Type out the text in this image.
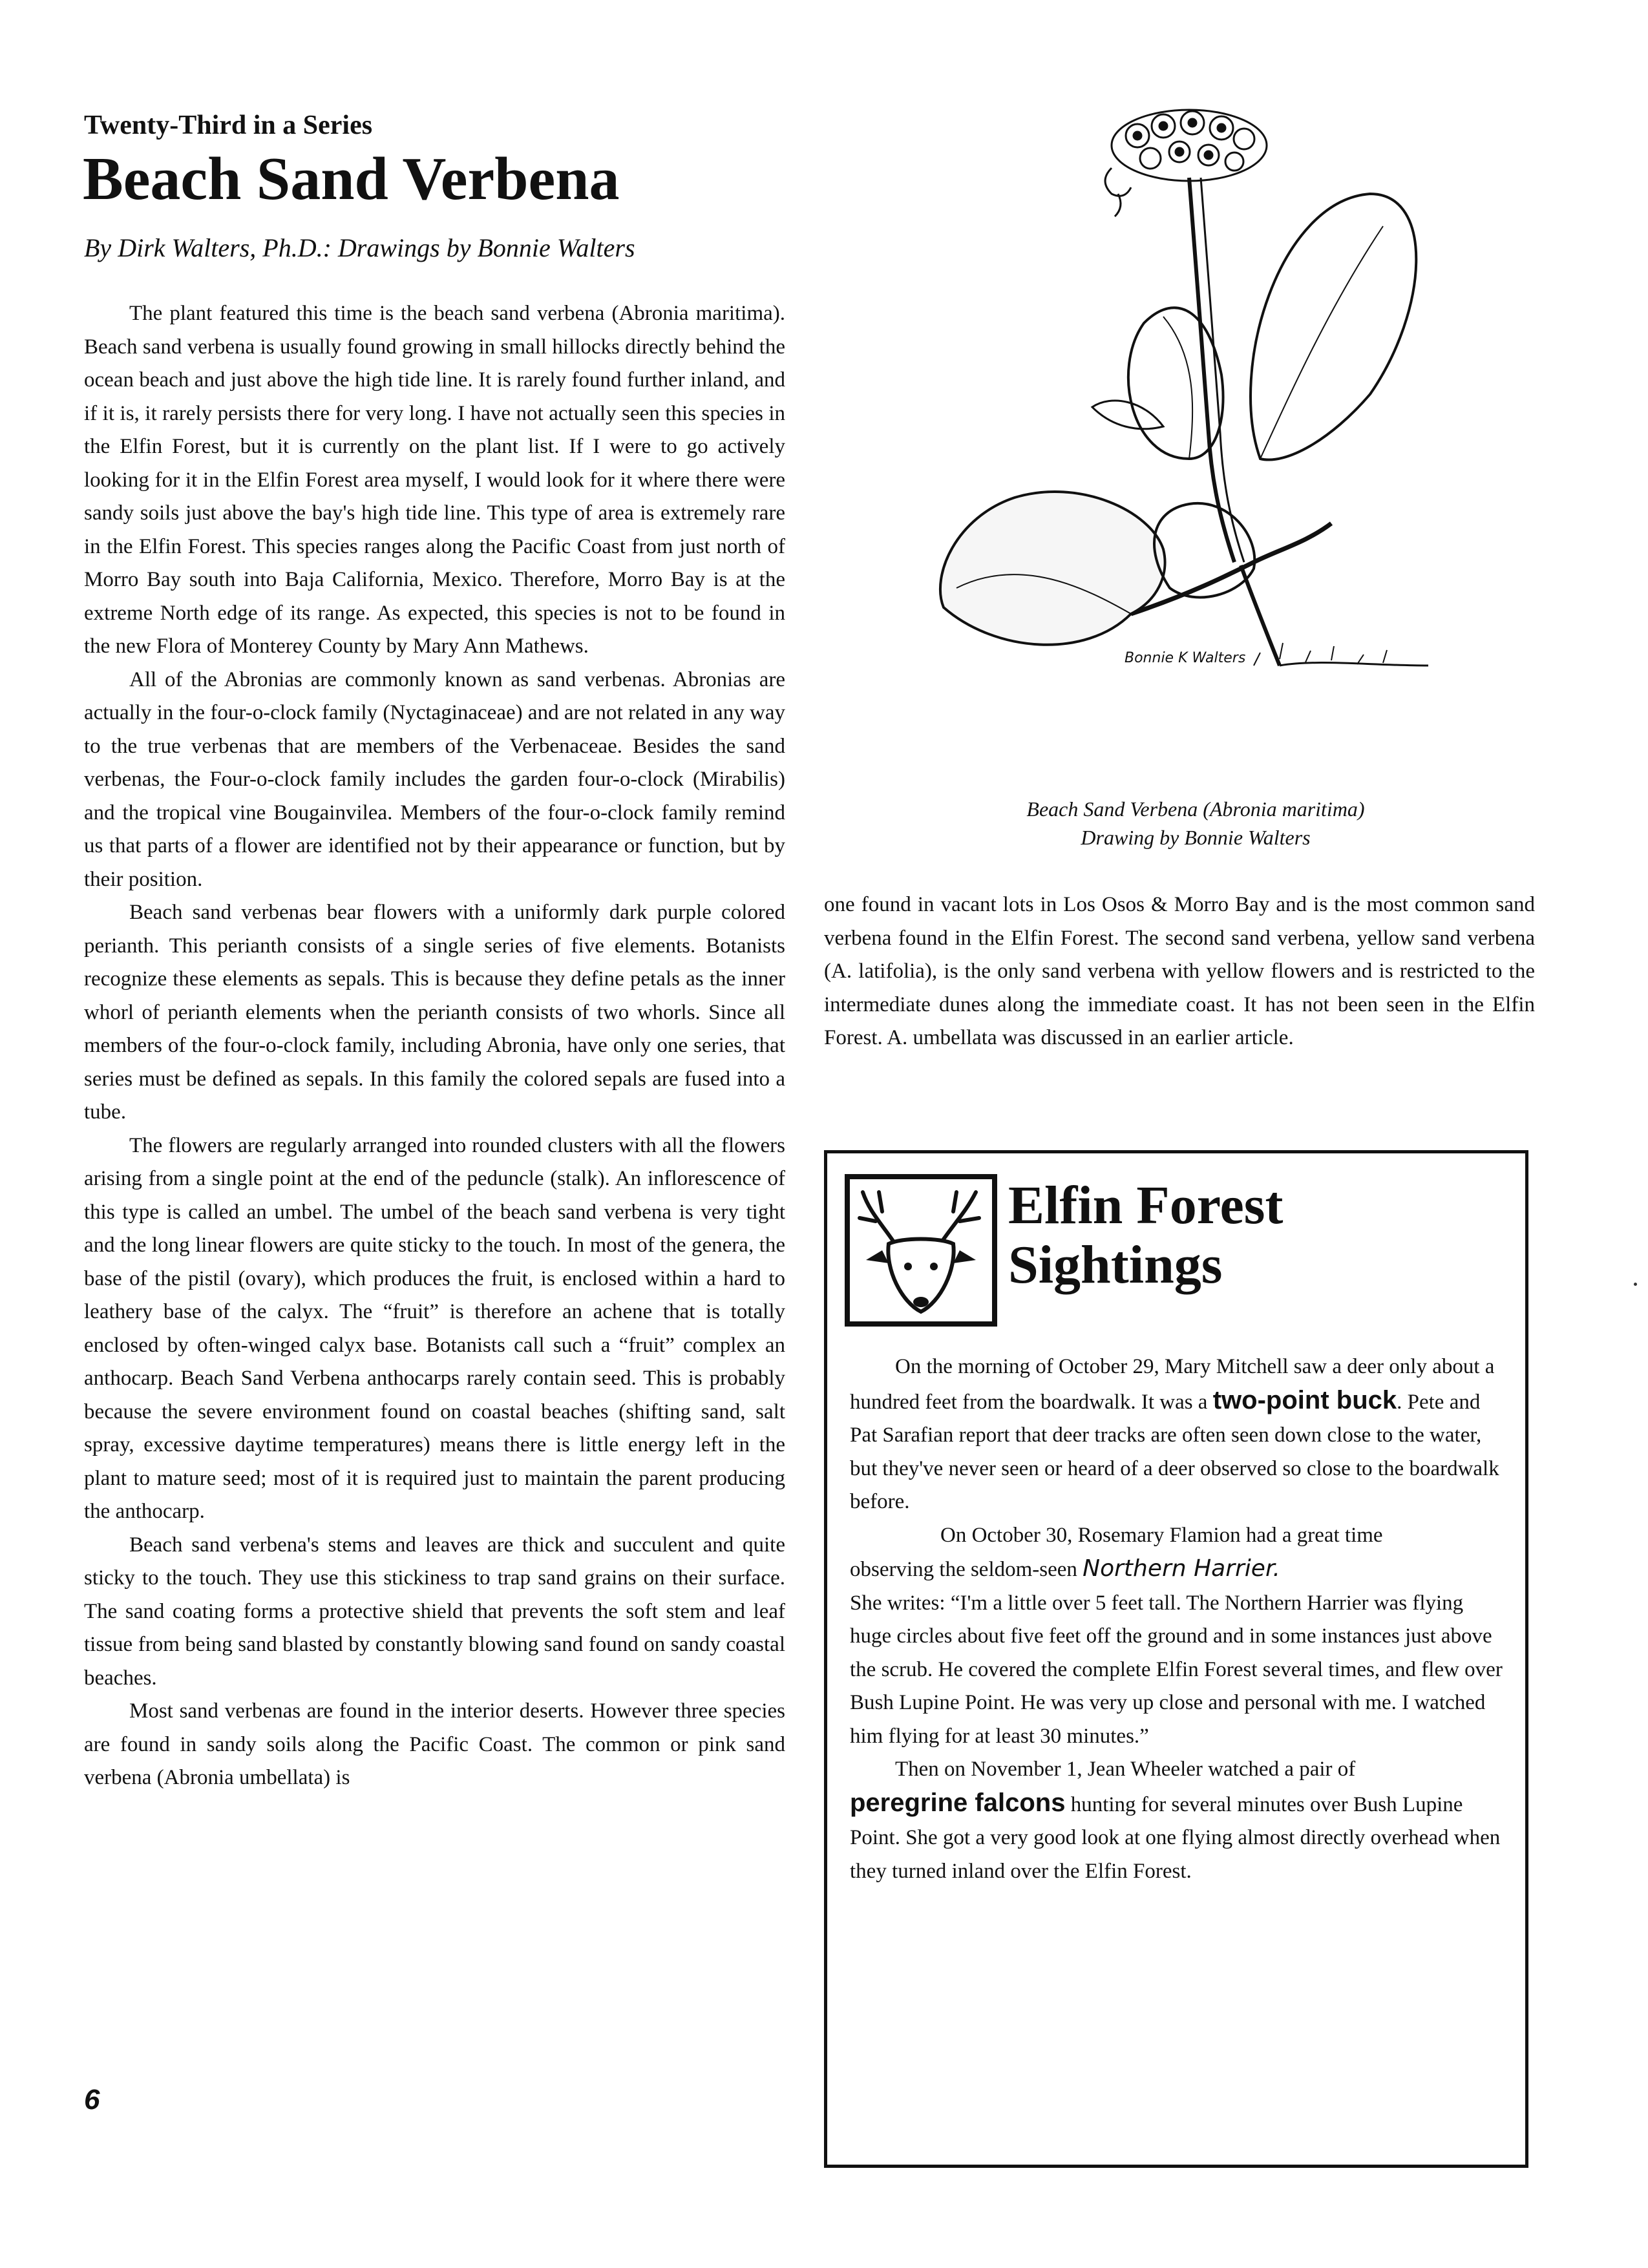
Twenty-Third in a Series
Beach Sand Verbena
By Dirk Walters, Ph.D.: Drawings by Bonnie Walters

The plant featured this time is the beach sand verbena (Abronia maritima). Beach sand verbena is usually found growing in small hillocks directly behind the ocean beach and just above the high tide line. It is rarely found further inland, and if it is, it rarely persists there for very long. I have not actually seen this species in the Elfin Forest, but it is currently on the plant list. If I were to go actively looking for it in the Elfin Forest area myself, I would look for it where there were sandy soils just above the bay's high tide line. This type of area is extremely rare in the Elfin Forest. This species ranges along the Pacific Coast from just north of Morro Bay south into Baja California, Mexico. Therefore, Morro Bay is at the extreme North edge of its range. As expected, this species is not to be found in the new Flora of Monterey County by Mary Ann Mathews.

All of the Abronias are commonly known as sand verbenas. Abronias are actually in the four-o-clock family (Nyctaginaceae) and are not related in any way to the true verbenas that are members of the Verbenaceae. Besides the sand verbenas, the Four-o-clock family includes the garden four-o-clock (Mirabilis) and the tropical vine Bougainvilea. Members of the four-o-clock family remind us that parts of a flower are identified not by their appearance or function, but by their position.

Beach sand verbenas bear flowers with a uniformly dark purple colored perianth. This perianth consists of a single series of five elements. Botanists recognize these elements as sepals. This is because they define petals as the inner whorl of perianth elements when the perianth consists of two whorls. Since all members of the four-o-clock family, including Abronia, have only one series, that series must be defined as sepals. In this family the colored sepals are fused into a tube.

The flowers are regularly arranged into rounded clusters with all the flowers arising from a single point at the end of the peduncle (stalk). An inflorescence of this type is called an umbel. The umbel of the beach sand verbena is very tight and the long linear flowers are quite sticky to the touch. In most of the genera, the base of the pistil (ovary), which produces the fruit, is enclosed within a hard to leathery base of the calyx. The “fruit” is therefore an achene that is totally enclosed by often-winged calyx base. Botanists call such a “fruit” complex an anthocarp. Beach Sand Verbena anthocarps rarely contain seed. This is probably because the severe environment found on coastal beaches (shifting sand, salt spray, excessive daytime temperatures) means there is little energy left in the plant to mature seed; most of it is required just to maintain the parent producing the anthocarp.

Beach sand verbena's stems and leaves are thick and succulent and quite sticky to the touch. They use this stickiness to trap sand grains on their surface. The sand coating forms a protective shield that prevents the soft stem and leaf tissue from being sand blasted by constantly blowing sand found on sandy coastal beaches.

Most sand verbenas are found in the interior deserts. However three species are found in sandy soils along the Pacific Coast. The common or pink sand verbena (Abronia umbellata) is

Bonnie K Walters
Beach Sand Verbena (Abronia maritima)
Drawing by Bonnie Walters

one found in vacant lots in Los Osos & Morro Bay and is the most common sand verbena found in the Elfin Forest. The second sand verbena, yellow sand verbena (A. latifolia), is the only sand verbena with yellow flowers and is restricted to the intermediate dunes along the immediate coast. It has not been seen in the Elfin Forest. A. umbellata was discussed in an earlier article.

Elfin Forest
Sightings

On the morning of October 29, Mary Mitchell saw a deer only about a hundred feet from the boardwalk. It was a two-point buck. Pete and Pat Sarafian report that deer tracks are often seen down close to the water, but they've never seen or heard of a deer observed so close to the boardwalk before.

On October 30, Rosemary Flamion had a great time

observing the seldom-seen Northern Harrier.

She writes: “I'm a little over 5 feet tall. The Northern Harrier was flying huge circles about five feet off the ground and in some instances just above the scrub. He covered the complete Elfin Forest several times, and flew over Bush Lupine Point. He was very up close and personal with me. I watched him flying for at least 30 minutes.”

Then on November 1, Jean Wheeler watched a pair of

peregrine falcons hunting for several minutes over Bush Lupine Point. She got a very good look at one flying almost directly overhead when they turned inland over the Elfin Forest.

6
